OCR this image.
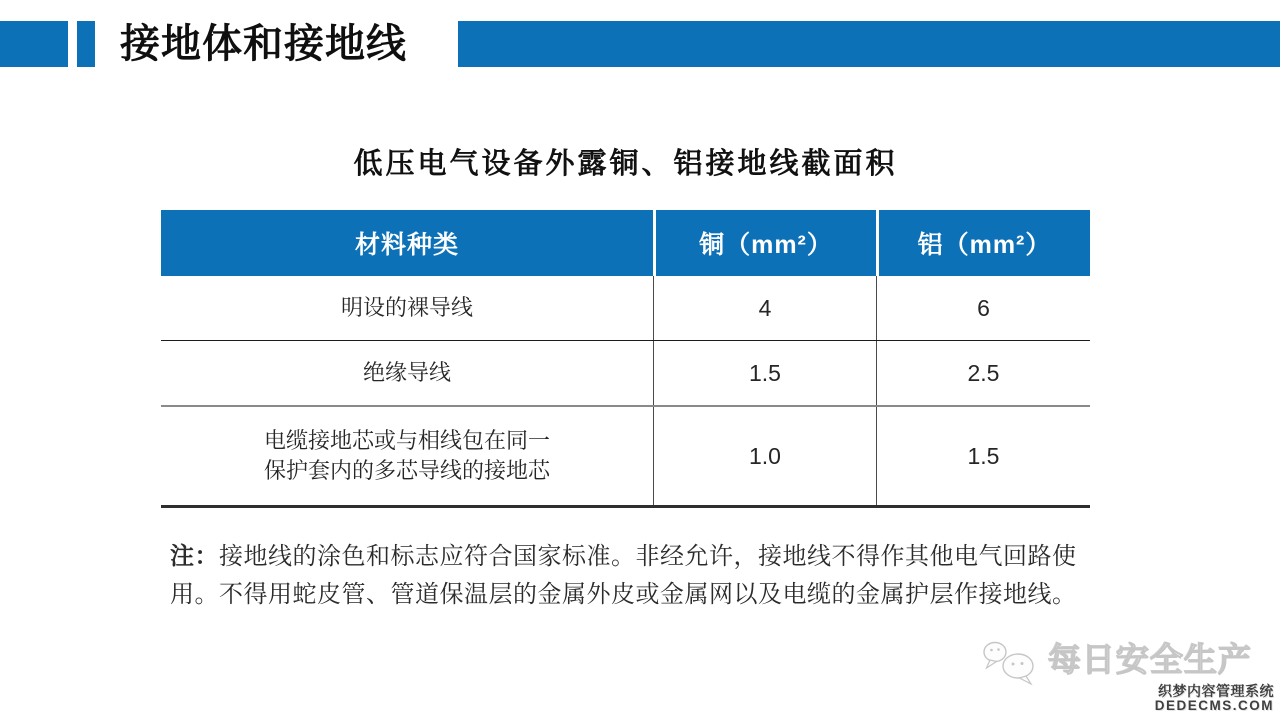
接地体和接地线
低压电气设备外露铜、铝接地线截面积
材料种类	铜（mm²）	铝（mm²）
明设的裸导线	4	6
绝缘导线	1.5	2.5
电缆接地芯或与相线包在同一
保护套内的多芯导线的接地芯
1.0	1.5
注：接地线的涂色和标志应符合国家标准。非经允许，接地线不得作其他电气回路使
用。不得用蛇皮管、管道保温层的金属外皮或金属网以及电缆的金属护层作接地线。
每日安全生产
织梦内容管理系统
DEDECMS.COM
